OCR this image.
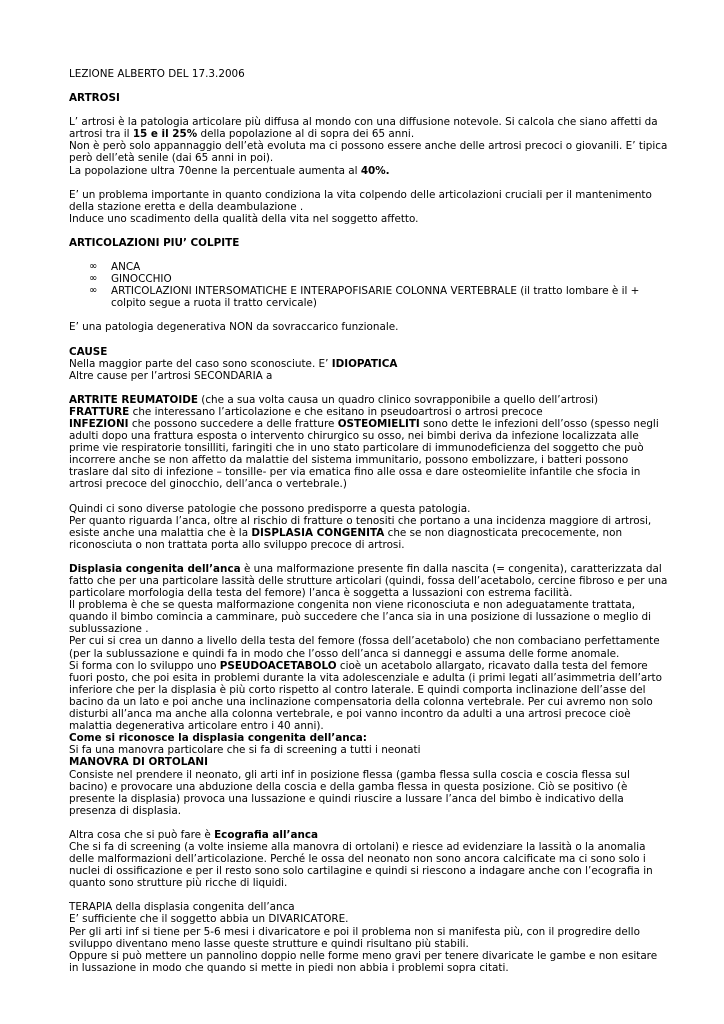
LEZIONE ALBERTO DEL 17.3.2006

ARTROSI

L’ artrosi è la patologia articolare più diffusa al mondo con una diffusione notevole. Si calcola che siano affetti da artrosi tra il 15 e il 25% della popolazione al di sopra dei 65 anni.

Non è però solo appannaggio dell’età evoluta ma ci possono essere anche delle artrosi precoci o giovanili. E’ tipica però dell’età senile (dai 65 anni in poi).

La popolazione ultra 70enne la percentuale aumenta al 40%.

E’ un problema importante in quanto condiziona la vita colpendo delle articolazioni cruciali per il mantenimento della stazione eretta e della deambulazione .

Induce uno scadimento della qualità della vita nel soggetto affetto.

ARTICOLAZIONI PIU’ COLPITE

∞ ANCA
∞ GINOCCHIO
∞ ARTICOLAZIONI INTERSOMATICHE E INTERAPOFISARIE COLONNA VERTEBRALE (il tratto lombare è il + colpito segue a ruota il tratto cervicale)

E’ una patologia degenerativa NON da sovraccarico funzionale.

CAUSE

Nella maggior parte del caso sono sconosciute. E’ IDIOPATICA

Altre cause per l’artrosi SECONDARIA a

ARTRITE REUMATOIDE (che a sua volta causa un quadro clinico sovrapponibile a quello dell’artrosi)

FRATTURE che interessano l’articolazione e che esitano in pseudoartrosi o artrosi precoce

INFEZIONI che possono succedere a delle fratture OSTEOMIELITI sono dette le infezioni dell’osso (spesso negli adulti dopo una frattura esposta o intervento chirurgico su osso, nei bimbi deriva da infezione localizzata alle prime vie respiratorie tonsilliti, faringiti che in uno stato particolare di immunodeficienza del soggetto che può incorrere anche se non affetto da malattie del sistema immunitario, possono embolizzare, i batteri possono traslare dal sito di infezione – tonsille- per via ematica fino alle ossa e dare osteomielite infantile che sfocia in artrosi precoce del ginocchio, dell’anca o vertebrale.)

Quindi ci sono diverse patologie che possono predisporre a questa patologia.

Per quanto riguarda l’anca, oltre al rischio di fratture o tenositi che portano a una incidenza maggiore di artrosi, esiste anche una malattia che è la DISPLASIA CONGENITA che se non diagnosticata precocemente, non riconosciuta o non trattata porta allo sviluppo precoce di artrosi.

Displasia congenita dell’anca è una malformazione presente fin dalla nascita (= congenita), caratterizzata dal fatto che per una particolare lassità delle strutture articolari (quindi, fossa dell’acetabolo, cercine fibroso e per una particolare morfologia della testa del femore) l’anca è soggetta a lussazioni con estrema facilità.

Il problema è che se questa malformazione congenita non viene riconosciuta e non adeguatamente trattata, quando il bimbo comincia a camminare, può succedere che l’anca sia in una posizione di lussazione o meglio di sublussazione .

Per cui si crea un danno a livello della testa del femore (fossa dell’acetabolo) che non combaciano perfettamente (per la sublussazione e quindi fa in modo che l’osso dell’anca si danneggi e assuma delle forme anomale.

Si forma con lo sviluppo uno PSEUDOACETABOLO cioè un acetabolo allargato, ricavato dalla testa del femore fuori posto, che poi esita in problemi durante la vita adolescenziale e adulta (i primi legati all’asimmetria dell’arto inferiore che per la displasia è più corto rispetto al contro laterale. E quindi comporta inclinazione dell’asse del bacino da un lato e poi anche una inclinazione compensatoria della colonna vertebrale. Per cui avremo non solo disturbi all’anca ma anche alla colonna vertebrale, e poi vanno incontro da adulti a una artrosi precoce cioè malattia degenerativa articolare entro i 40 anni).

Come si riconosce la displasia congenita dell’anca:

Si fa una manovra particolare che si fa di screening a tutti i neonati

MANOVRA DI ORTOLANI

Consiste nel prendere il neonato, gli arti inf in posizione flessa (gamba flessa sulla coscia e coscia flessa sul bacino) e provocare una abduzione della coscia e della gamba flessa in questa posizione. Ciò se positivo (è presente la displasia) provoca una lussazione e quindi riuscire a lussare l’anca del bimbo è indicativo della presenza di displasia.

Altra cosa che si può fare è Ecografia all’anca

Che si fa di screening (a volte insieme alla manovra di ortolani) e riesce ad evidenziare la lassità o la anomalia delle malformazioni dell’articolazione. Perché le ossa del neonato non sono ancora calcificate ma ci sono solo i nuclei di ossificazione e per il resto sono solo cartilagine e quindi si riescono a indagare anche con l’ecografia in quanto sono strutture più ricche di liquidi.

TERAPIA della displasia congenita dell’anca

E’ sufficiente che il soggetto abbia un DIVARICATORE.

Per gli arti inf si tiene per 5-6 mesi i divaricatore e poi il problema non si manifesta più, con il progredire dello sviluppo diventano meno lasse queste strutture e quindi risultano più stabili.

Oppure si può mettere un pannolino doppio nelle forme meno gravi per tenere divaricate le gambe e non esitare in lussazione in modo che quando si mette in piedi non abbia i problemi sopra citati.
